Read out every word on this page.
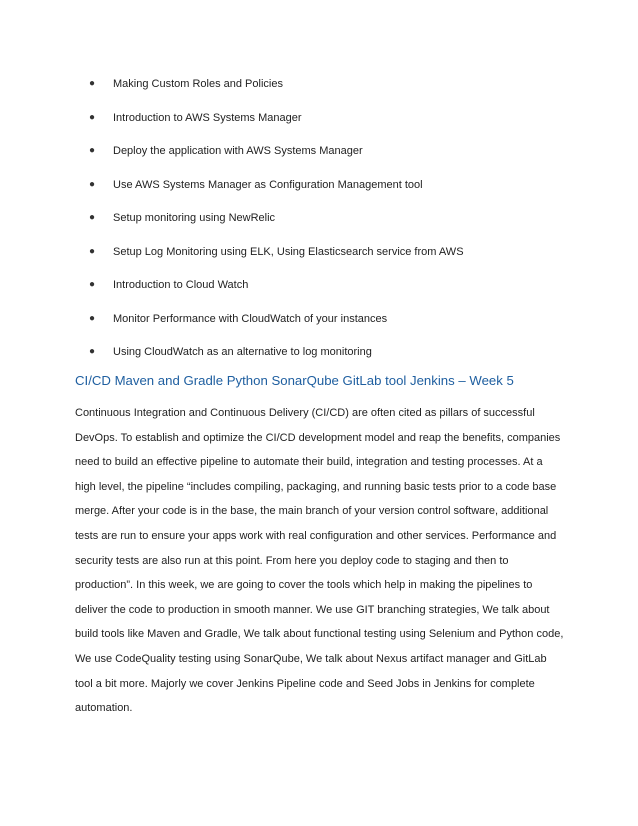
● Making Custom Roles and Policies
● Introduction to AWS Systems Manager
● Deploy the application with AWS Systems Manager
● Use AWS Systems Manager as Configuration Management tool
● Setup monitoring using NewRelic
● Setup Log Monitoring using ELK, Using Elasticsearch service from AWS
● Introduction to Cloud Watch
● Monitor Performance with CloudWatch of your instances
● Using CloudWatch as an alternative to log monitoring
CI/CD Maven and Gradle Python SonarQube GitLab tool Jenkins – Week 5
Continuous Integration and Continuous Delivery (CI/CD) are often cited as pillars of successful
DevOps. To establish and optimize the CI/CD development model and reap the benefits, companies
need to build an effective pipeline to automate their build, integration and testing processes. At a
high level, the pipeline “includes compiling, packaging, and running basic tests prior to a code base
merge. After your code is in the base, the main branch of your version control software, additional
tests are run to ensure your apps work with real configuration and other services. Performance and
security tests are also run at this point. From here you deploy code to staging and then to
production”. In this week, we are going to cover the tools which help in making the pipelines to
deliver the code to production in smooth manner. We use GIT branching strategies, We talk about
build tools like Maven and Gradle, We talk about functional testing using Selenium and Python code,
We use CodeQuality testing using SonarQube, We talk about Nexus artifact manager and GitLab
tool a bit more. Majorly we cover Jenkins Pipeline code and Seed Jobs in Jenkins for complete
automation.
